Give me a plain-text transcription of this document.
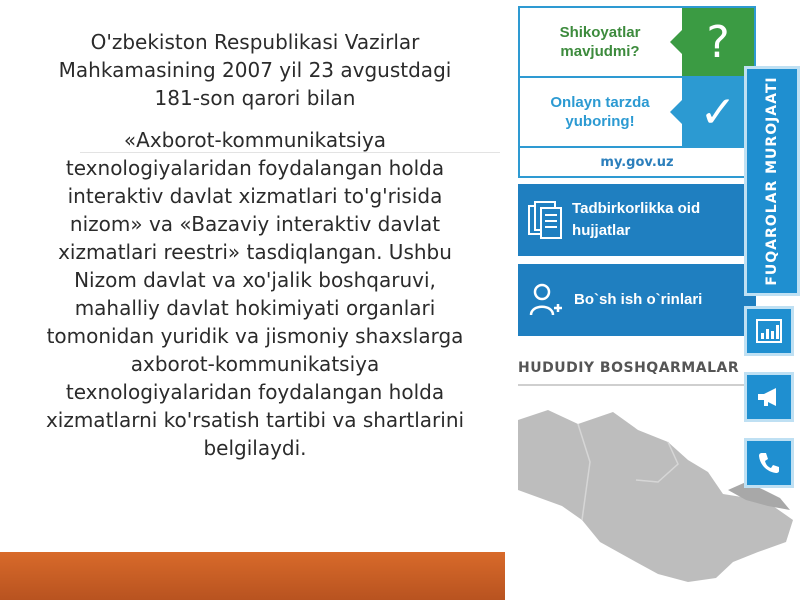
O'zbekiston Respublikasi Vazirlar Mahkamasining 2007 yil 23 avgustdagi 181-son qarori bilan
«Axborot-kommunikatsiya texnologiyalaridan foydalangan holda interaktiv davlat xizmatlari to'g'risida nizom» va «Bazaviy interaktiv davlat xizmatlari reestri» tasdiqlangan. Ushbu Nizom davlat va xo'jalik boshqaruvi, mahalliy davlat hokimiyati organlari tomonidan yuridik va jismoniy shaxslarga axborot-kommunikatsiya texnologiyalaridan foydalangan holda xizmatlarni ko'rsatish tartibi va shartlarini belgilaydi.
Shikoyatlar mavjudmi?	?
Onlayn tarzda yuboring!	✓
my.gov.uz
Tadbirkorlikka oid hujjatlar
Bo`sh ish o`rinlari
HUDUDIY BOSHQARMALAR
FUQAROLAR MUROJAATI
